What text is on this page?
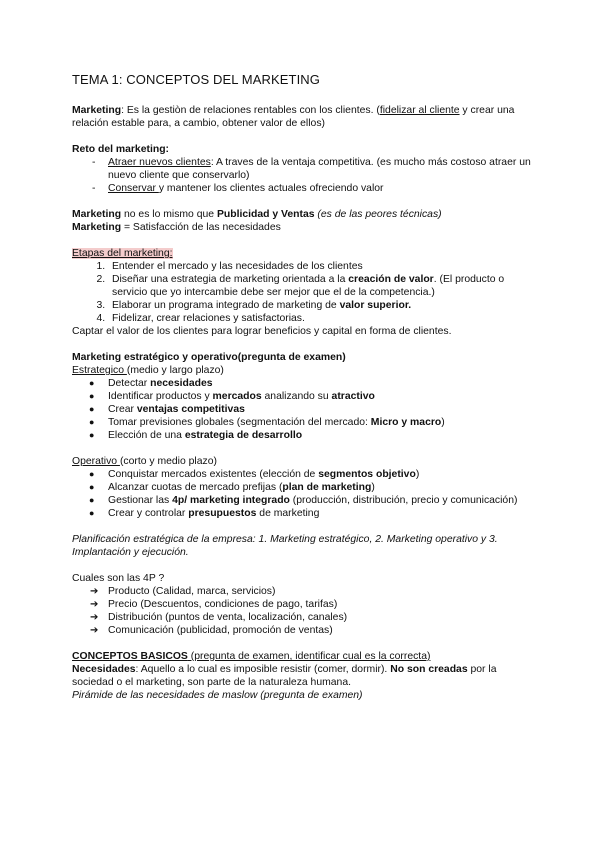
TEMA 1: CONCEPTOS DEL MARKETING

Marketing: Es la gestiòn de relaciones rentables con los clientes. (fidelizar al cliente y crear una relación estable para, a cambio, obtener valor de ellos)

Reto del marketing:

- Atraer nuevos clientes: A traves de la ventaja competitiva. (es mucho más costoso atraer un nuevo cliente que conservarlo)
- Conservar y mantener los clientes actuales ofreciendo valor

Marketing no es lo mismo que Publicidad y Ventas (es de las peores técnicas)

Marketing = Satisfacción de las necesidades

Etapas del marketing:

1. Entender el mercado y las necesidades de los clientes
2. Diseñar una estrategia de marketing orientada a la creación de valor. (El producto o servicio que yo intercambie debe ser mejor que el de la competencia.)
3. Elaborar un programa integrado de marketing de valor superior.
4. Fidelizar, crear relaciones y satisfactorias.

Captar el valor de los clientes para lograr beneficios y capital en forma de clientes.

Marketing estratégico y operativo(pregunta de examen)

Estrategico (medio y largo plazo)

● Detectar necesidades
● Identificar productos y mercados analizando su atractivo
● Crear ventajas competitivas
● Tomar previsiones globales (segmentación del mercado: Micro y macro)
● Elección de una estrategia de desarrollo

Operativo (corto y medio plazo)

● Conquistar mercados existentes (elección de segmentos objetivo)
● Alcanzar cuotas de mercado prefijas (plan de marketing)
● Gestionar las 4p/ marketing integrado (producción, distribución, precio y comunicación)
● Crear y controlar presupuestos de marketing

Planificación estratégica de la empresa: 1. Marketing estratégico, 2. Marketing operativo y 3. Implantación y ejecución.

Cuales son las 4P ?

➔ Producto (Calidad, marca, servicios)
➔ Precio (Descuentos, condiciones de pago, tarifas)
➔ Distribución (puntos de venta, localización, canales)
➔ Comunicación (publicidad, promoción de ventas)

CONCEPTOS BASICOS (pregunta de examen, identificar cual es la correcta)

Necesidades: Aquello a lo cual es imposible resistir (comer, dormir). No son creadas por la sociedad o el marketing, son parte de la naturaleza humana.

Pirámide de las necesidades de maslow (pregunta de examen)
